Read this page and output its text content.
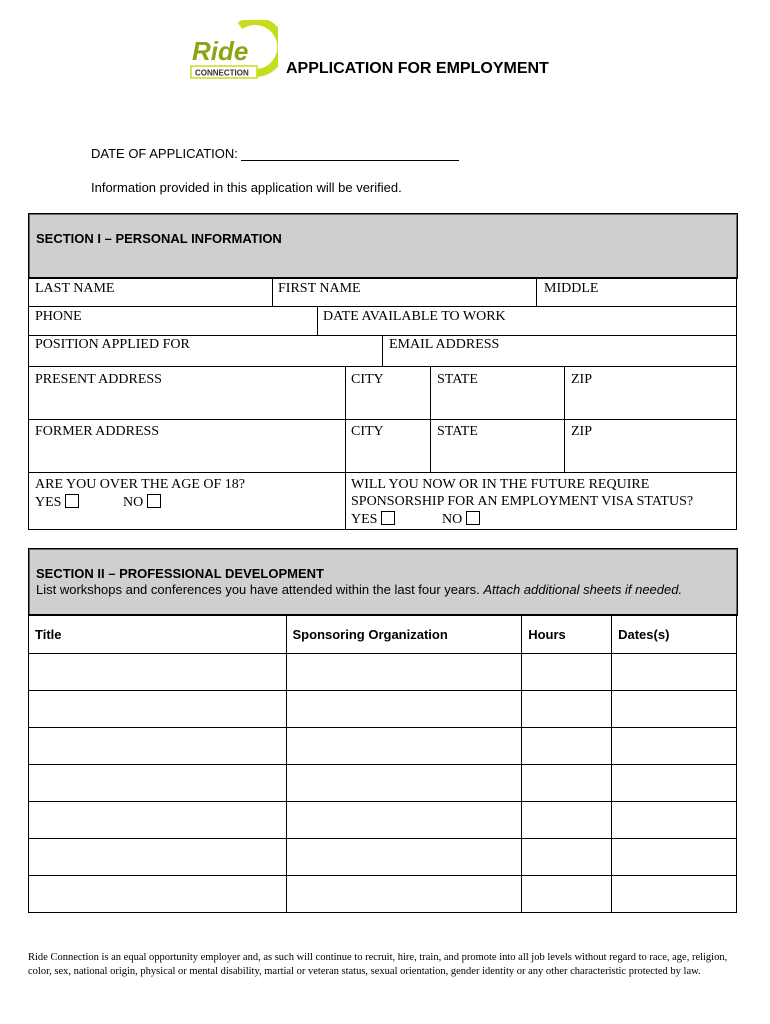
Ride
CONNECTION APPLICATION FOR EMPLOYMENT
DATE OF APPLICATION:
Information provided in this application will be verified.
SECTION I – PERSONAL INFORMATION
LAST NAME	FIRST NAME	MIDDLE
PHONE	DATE AVAILABLE TO WORK
POSITION APPLIED FOR	EMAIL ADDRESS
PRESENT ADDRESS	CITY	STATE	ZIP
FORMER ADDRESS	CITY	STATE	ZIP
ARE YOU OVER THE AGE OF 18?
YES	NO
WILL YOU NOW OR IN THE FUTURE REQUIRE
SPONSORSHIP FOR AN EMPLOYMENT VISA STATUS?
YES	NO
SECTION II – PROFESSIONAL DEVELOPMENT
List workshops and conferences you have attended within the last four years. Attach additional sheets if needed.
Title	Sponsoring Organization	Hours	Dates(s)

Ride Connection is an equal opportunity employer and, as such will continue to recruit, hire, train, and promote into all job levels without regard to race, age, religion, color, sex, national origin, physical or mental disability, martial or veteran status, sexual orientation, gender identity or any other characteristic protected by law.
